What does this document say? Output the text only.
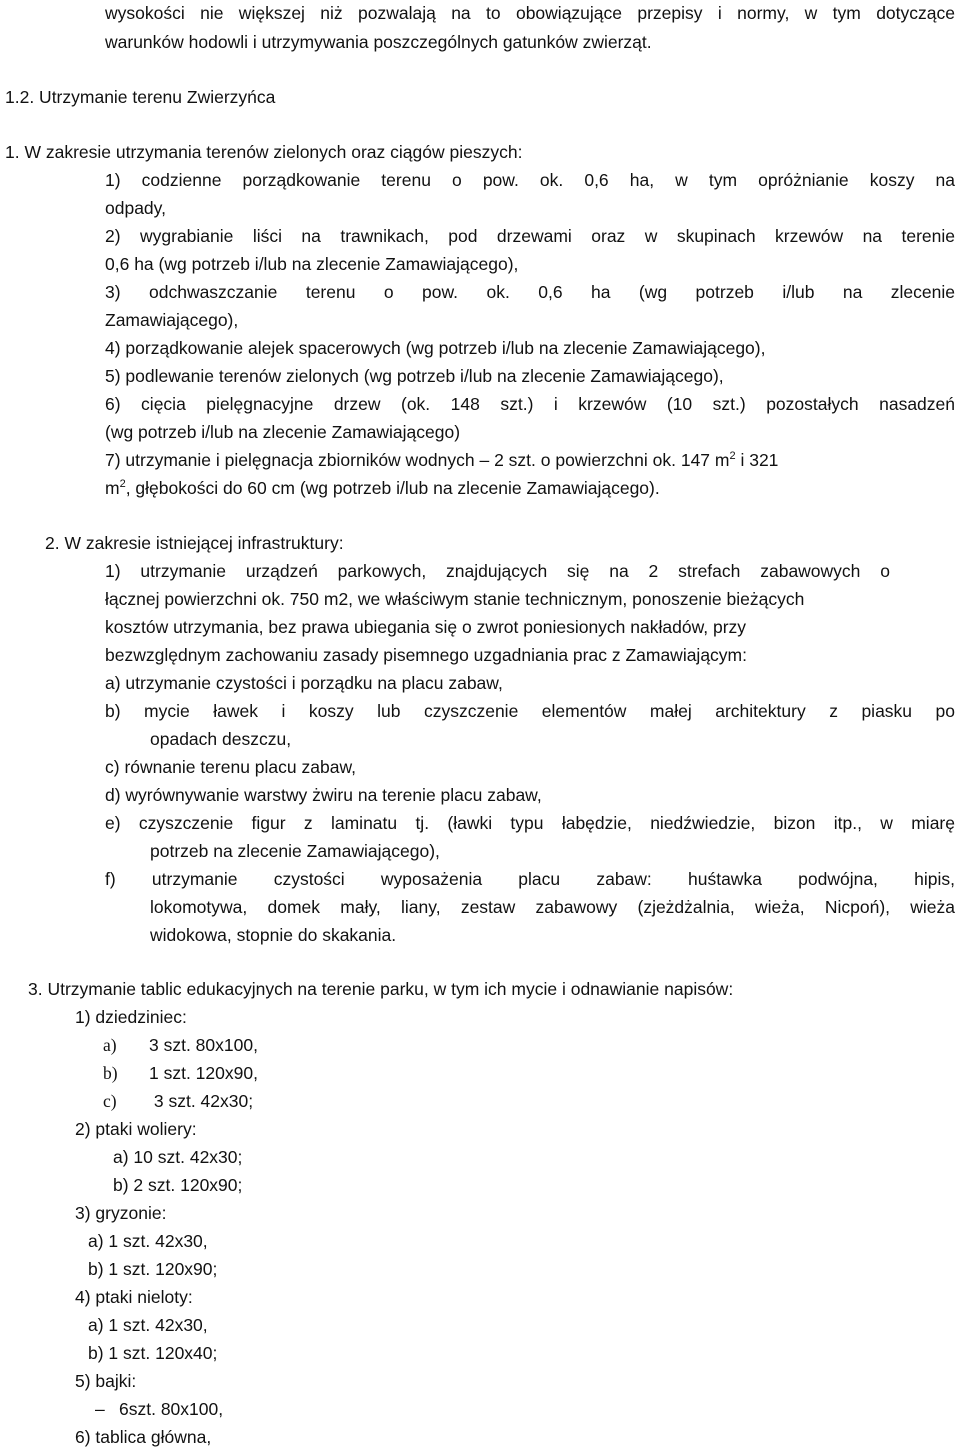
wysokości nie większej niż pozwalają na to obowiązujące przepisy i normy, w tym dotyczące
warunków hodowli i utrzymywania poszczególnych gatunków zwierząt.
1.2. Utrzymanie terenu Zwierzyńca
1. W zakresie utrzymania terenów zielonych oraz ciągów pieszych:
1) codzienne porządkowanie terenu o pow. ok. 0,6 ha, w tym opróżnianie koszy na
odpady,
2) wygrabianie liści na trawnikach, pod drzewami oraz w skupinach krzewów na terenie
0,6 ha (wg potrzeb i/lub na zlecenie Zamawiającego),
3) odchwaszczanie terenu o pow. ok. 0,6 ha (wg potrzeb i/lub na zlecenie
Zamawiającego),
4) porządkowanie alejek spacerowych (wg potrzeb i/lub na zlecenie Zamawiającego),
5) podlewanie terenów zielonych (wg potrzeb i/lub na zlecenie Zamawiającego),
6) cięcia pielęgnacyjne drzew (ok. 148 szt.) i krzewów (10 szt.) pozostałych nasadzeń
(wg potrzeb i/lub na zlecenie Zamawiającego)
7) utrzymanie i pielęgnacja zbiorników wodnych – 2 szt. o powierzchni ok. 147 $m^2$ i 321
$m^2$, głębokości do 60 cm (wg potrzeb i/lub na zlecenie Zamawiającego).
2. W zakresie istniejącej infrastruktury:
1) utrzymanie urządzeń parkowych, znajdujących się na 2 strefach zabawowych o
łącznej powierzchni ok. 750 m2, we właściwym stanie technicznym, ponoszenie bieżących
kosztów utrzymania, bez prawa ubiegania się o zwrot poniesionych nakładów, przy
bezwzględnym zachowaniu zasady pisemnego uzgadniania prac z Zamawiającym:
a) utrzymanie czystości i porządku na placu zabaw,
b) mycie ławek i koszy lub czyszczenie elementów małej architektury z piasku po
opadach deszczu,
c) równanie terenu placu zabaw,
d) wyrównywanie warstwy żwiru na terenie placu zabaw,
e) czyszczenie figur z laminatu tj. (ławki typu łabędzie, niedźwiedzie, bizon itp., w miarę
potrzeb na zlecenie Zamawiającego),
f) utrzymanie czystości wyposażenia placu zabaw: huśtawka podwójna, hipis,
lokomotywa, domek mały, liany, zestaw zabawowy (zjeżdżalnia, wieża, Nicpoń), wieża
widokowa, stopnie do skakania.
3. Utrzymanie tablic edukacyjnych na terenie parku, w tym ich mycie i odnawianie napisów:
1) dziedziniec:
a) 3 szt. 80x100,
b) 1 szt. 120x90,
c) 3 szt. 42x30;
2) ptaki woliery:
a) 10 szt. 42x30;
b) 2 szt. 120x90;
3) gryzonie:
a) 1 szt. 42x30,
b) 1 szt. 120x90;
4) ptaki nieloty:
a) 1 szt. 42x30,
b) 1 szt. 120x40;
5) bajki:
– 6szt. 80x100,
6) tablica główna,
